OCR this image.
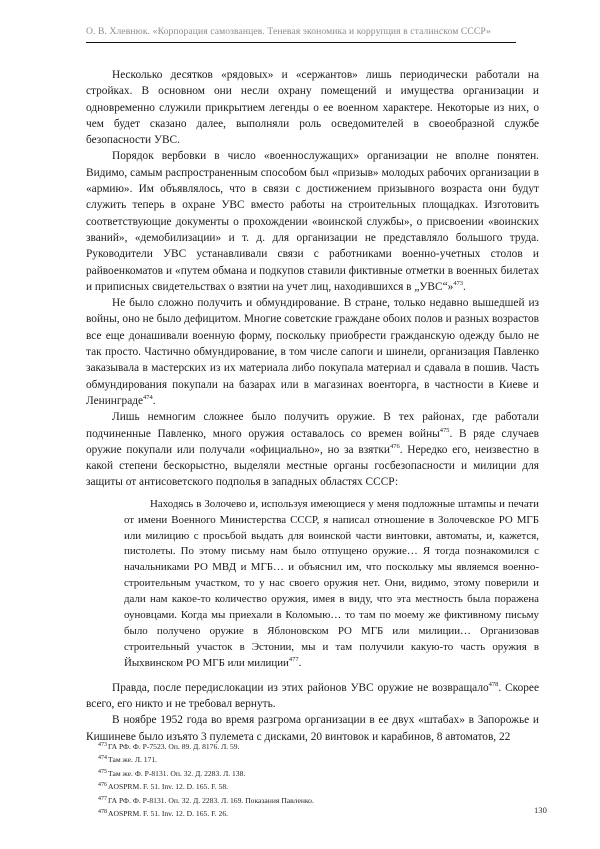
О. В. Хлевнюк. «Корпорация самозванцев. Теневая экономика и коррупция в сталинском СССР»

Несколько десятков «рядовых» и «сержантов» лишь периодически работали на стройках. В основном они несли охрану помещений и имущества организации и одновременно служили прикрытием легенды о ее военном характере. Некоторые из них, о чем будет сказано далее, выполняли роль осведомителей в своеобразной службе безопасности УВС.

Порядок вербовки в число «военнослужащих» организации не вполне понятен. Видимо, самым распространенным способом был «призыв» молодых рабочих организации в «армию». Им объявлялось, что в связи с достижением призывного возраста они будут служить теперь в охране УВС вместо работы на строительных площадках. Изготовить соответствующие документы о прохождении «воинской службы», о присвоении «воинских званий», «демобилизации» и т. д. для организации не представляло большого труда. Руководители УВС устанавливали связи с работниками военно-учетных столов и райвоенкоматов и «путем обмана и подкупов ставили фиктивные отметки в военных билетах и приписных свидетельствах о взятии на учет лиц, находившихся в „УВС“»$^{473}$.

Не было сложно получить и обмундирование. В стране, только недавно вышедшей из войны, оно не было дефицитом. Многие советские граждане обоих полов и разных возрастов все еще донашивали военную форму, поскольку приобрести гражданскую одежду было не так просто. Частично обмундирование, в том числе сапоги и шинели, организация Павленко заказывала в мастерских из их материала либо покупала материал и сдавала в пошив. Часть обмундирования покупали на базарах или в магазинах военторга, в частности в Киеве и Ленинграде$^{474}$.

Лишь немногим сложнее было получить оружие. В тех районах, где работали подчиненные Павленко, много оружия оставалось со времен войны$^{475}$. В ряде случаев оружие покупали или получали «официально», но за взятки$^{476}$. Нередко его, неизвестно в какой степени бескорыстно, выделяли местные органы госбезопасности и милиции для защиты от антисоветского подполья в западных областях СССР:

Находясь в Золочево и, используя имеющиеся у меня подложные штампы и печати от имени Военного Министерства СССР, я написал отношение в Золочевское РО МГБ или милицию с просьбой выдать для воинской части винтовки, автоматы, и, кажется, пистолеты. По этому письму нам было отпущено оружие… Я тогда познакомился с начальниками РО МВД и МГБ… и объяснил им, что поскольку мы являемся военно-строительным участком, то у нас своего оружия нет. Они, видимо, этому поверили и дали нам какое-то количество оружия, имея в виду, что эта местность была поражена оуновцами. Когда мы приехали в Коломыю… то там по моему же фиктивному письму было получено оружие в Яблоновском РО МГБ или милиции… Организовав строительный участок в Эстонии, мы и там получили какую-то часть оружия в Йыхвинском РО МГБ или милиции$^{477}$.

Правда, после передислокации из этих районов УВС оружие не возвращало$^{478}$. Скорее всего, его никто и не требовал вернуть.

В ноябре 1952 года во время разгрома организации в ее двух «штабах» в Запорожье и Кишиневе было изъято 3 пулемета с дисками, 20 винтовок и карабинов, 8 автоматов, 22

$^{473}$ГА РФ. Ф. Р-7523. Оп. 89. Д. 8176. Л. 59.
$^{474}$Там же. Л. 171.
$^{475}$Там же. Ф. Р-8131. Оп. 32. Д. 2283. Л. 138.
$^{476}$AOSPRM. F. 51. Inv. 12. D. 165. F. 58.
$^{477}$ГА РФ. Ф. Р-8131. Оп. 32. Д. 2283. Л. 169. Показания Павленко.
$^{478}$AOSPRM. F. 51. Inv. 12. D. 165. F. 26.	130
